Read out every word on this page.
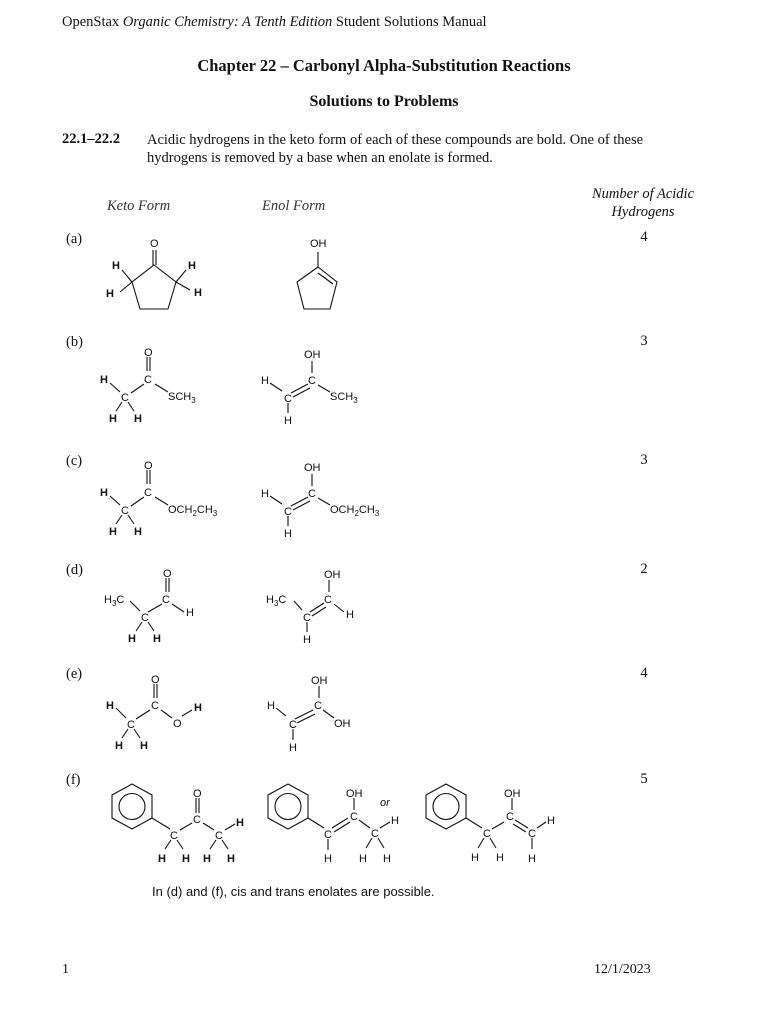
OpenStax Organic Chemistry: A Tenth Edition Student Solutions Manual
Chapter 22 – Carbonyl Alpha-Substitution Reactions
Solutions to Problems
22.1–22.2 Acidic hydrogens in the keto form of each of these compounds are bold. One of these hydrogens is removed by a base when an enolate is formed.
Keto Form	Enol Form
Number of Acidic
Hydrogens
(a)	4
(b)	3
(c)	3
(d)	2
(e)	4
(f)	5
O
H
H
H
H
OH
O
C
C
H
H H
$SCH_3$
OH
C
C
H
H
$SCH_3$
O
C
C
H
H H
$OCH_2CH_3$
OH
C
C
H
H
$OCH_2CH_3$
O
C
C
$H_3C$
H
H H
OH
C
C
$H_3C$
H
H
O
C
C	O
H
H
H H
OH
C
C
H
OH
H
O
C
C	C
H
H H H H
OH
C
C	C
H
H H H
or
OH
C
C	C
H
H H H
In (d) and (f), cis and trans enolates are possible.
1	12/1/2023
